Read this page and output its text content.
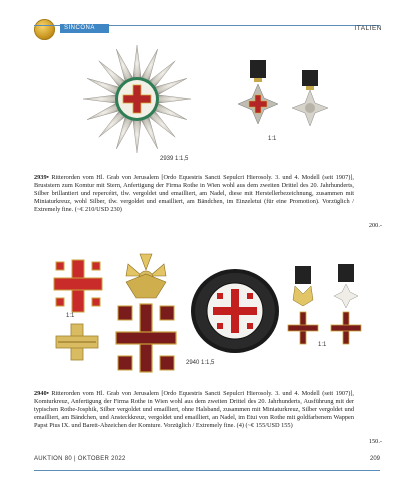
SINCONA	ITALIEN
2939 1:1,5
1:1
2939• Ritterorden vom Hl. Grab von Jerusalem [Ordo Equestris Sancti Sepulcri Hierosoly. 3. und 4. Modell (seit 1907)], Bruststern zum Komtur mit Stern, Anfertigung der Firma Rothe in Wien wohl aus dem zweiten Drittel des 20. Jahrhunderts, Silber brillantiert und repercéirt, tlw. vergoldet und emailliert, am Nadel, diese mit Herstellerbezeichnung, zusammen mit Miniaturkreuz, wohl Silber, tlw. vergoldet und emailliert, am Bändchen, im Einzeletui (für eine Promotion). Vorzüglich / Extremely fine. (~€ 210/USD 230)
200.-
1:1
2940 1:1,5
1:1
2940• Ritterorden vom Hl. Grab von Jerusalem [Ordo Equestris Sancti Sepulcri Hierosoly. 3. und 4. Modell (seit 1907)], Komturkreuz, Anfertigung der Firma Rothe in Wien wohl aus dem zweiten Drittel des 20. Jahrhunderts, Ausführung mit der typischen Rothe-Josphik, Silber vergoldet und emailliert, ohne Halsband, zusammen mit Miniaturkreuz, Silber vergoldet und emailliert, am Bändchen, und Ansteckkreuz, vergoldet und emailliert, an Nadel, im Etui von Rothe mit goldfarbenem Wappen Papst Pius IX. und Barett-Abzeichen der Komture. Vorzüglich / Extremely fine. (4) (~€ 155/USD 155)
150.-
AUKTION 80 | OKTOBER 2022	209
